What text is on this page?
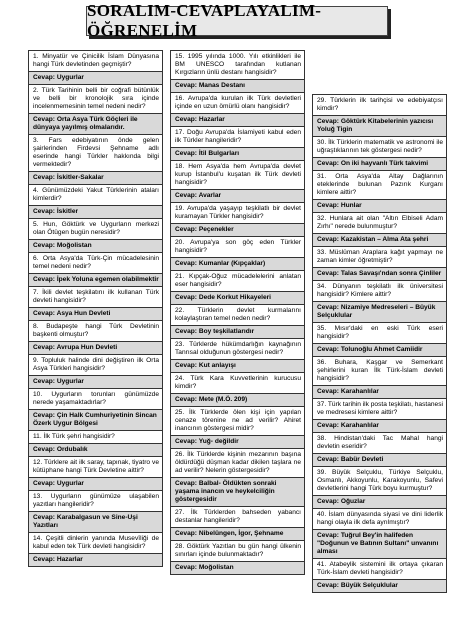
SORALIM-CEVAPLAYALIM-ÖĞRENELİM
1. Minyatür ve Çinicilik İslam Dünyasına hangi Türk devletinden geçmiştir?
Cevap: Uygurlar
2. Türk Tarihinin belli bir coğrafi bütünlük ve belli bir kronolojik sıra içinde incelenmemesinin temel nedeni nedir?
Cevap: Orta Asya Türk Göçleri ile dünyaya yayılmış olmalarıdır.
3. Fars edebiyatının önde gelen şairlerinden Firdevsi Şehname adlı eserinde hangi Türkler hakkında bilgi vermektedir?
Cevap: İskitler-Sakalar
4. Günümüzdeki Yakut Türklerinin ataları kimlerdir?
Cevap: İskitler
5. Hun, Göktürk ve Uygurların merkezi olan Ötügen bugün neresidir?
Cevap: Moğolistan
6. Orta Asya'da Türk-Çin mücadelesinin temel nedeni nedir?
Cevap: İpek Yoluna egemen olabilmektir
7. İkili devlet teşkilatını ilk kullanan Türk devleti hangisidir?
Cevap: Asya Hun Devleti
8. Budapeşte hangi Türk Devletinin başkenti olmuştur?
Cevap: Avrupa Hun Devleti
9. Topluluk halinde dini değiştiren ilk Orta Asya Türkleri hangisidir?
Cevap: Uygurlar
10. Uygurların torunları günümüzde nerede yaşamaktadırlar?
Cevap: Çin Halk Cumhuriyetinin Sincan Özerk Uygur Bölgesi
11. İlk Türk şehri hangisidir?
Cevap: Ordubalık
12. Türklere ait ilk saray, tapınak, tiyatro ve kütüphane hangi Türk Devletine aittir?
Cevap: Uygurlar
13. Uygurların günümüze ulaşabilen yazıtları hangileridir?
Cevap: Karabalgasun ve Sine-Uşi Yazıtları
14. Çeşitli dinlerin yanında Musevîliği de kabul eden tek Türk devleti hangisidir?
Cevap: Hazarlar
15. 1995 yılında 1000. Yılı etkinlikleri ile BM UNESCO tarafından kutlanan Kırgızların ünlü destanı hangisidir?
Cevap: Manas Destanı
16. Avrupa'da kurulan ilk Türk devletleri içinde en uzun ömürlü olanı hangisidir?
Cevap: Hazarlar
17. Doğu Avrupa'da İslamiyeti kabul eden ilk Türkler hangileridir?
Cevap: İtil Bulgarları
18. Hem Asya'da hem Avrupa'da devlet kurup İstanbul'u kuşatan ilk Türk devleti hangisidir?
Cevap: Avarlar
19. Avrupa'da yaşayıp teşkilatlı bir devlet kuramayan Türkler hangisidir?
Cevap: Peçenekler
20. Avrupa'ya son göç eden Türkler hangisidir?
Cevap: Kumanlar (Kıpçaklar)
21. Kıpçak-Oğuz mücadelelerini anlatan eser hangisidir?
Cevap: Dede Korkut Hikayeleri
22. Türklerin devlet kurmalarını kolaylaştıran temel neden nedir?
Cevap: Boy teşkilatlarıdır
23. Türklerde hükümdarlığın kaynağının Tanrısal olduğunun göstergesi nedir?
Cevap: Kut anlayışı
24. Türk Kara Kuvvetlerinin kurucusu kimdir?
Cevap: Mete (M.Ö. 209)
25. İlk Türklerde ölen kişi için yapılan cenaze törenine ne ad verilir? Ahiret inancının göstergesi midir?
Cevap: Yuğ- değildir
26. İlk Türklerde kişinin mezarının başına öldürdüğü düşman kadar dikilen taşlara ne ad verilir? Nelerin göstergesidir?
Cevap: Balbal- Öldükten sonraki yaşama inancın ve heykelciliğin göstergesidir
27. İlk Türklerden bahseden yabancı destanlar hangileridir?
Cevap: Nibelüngen, İgor, Şehname
28. Göktürk Yazıtları bu gün hangi ülkenin sınırları içinde bulunmaktadır?
Cevap: Moğolistan
29. Türklerin ilk tarihçisi ve edebiyatçısı kimdir?
Cevap: Göktürk Kitabelerinin yazıcısı Yoluğ Tigin
30. İlk Türklerin matematik ve astronomi ile uğraştıklarının tek göstergesi nedir?
Cevap: On iki hayvanlı Türk takvimi
31. Orta Asya'da Altay Dağlarının eteklerinde bulunan Pazırık Kurganı kimlere aittir?
Cevap: Hunlar
32. Hunlara ait olan "Altın Elbiseli Adam Zırhı" nerede bulunmuştur?
Cevap: Kazakistan – Alma Ata şehri
33. Müslüman Araplara kağıt yapmayı ne zaman kimler öğretmiştir?
Cevap: Talas Savaşı'ndan sonra Çinliler
34. Dünyanın teşkilatlı ilk üniversitesi hangisidir? Kimlere aittir?
Cevap: Nizamiye Medreseleri – Büyük Selçuklular
35. Mısır'daki en eski Türk eseri hangisidir?
Cevap: Tolunoğlu Ahmet Camiidir
36. Buhara, Kaşgar ve Semerkant şehirlerini kuran İlk Türk-İslam devleti hangisidir?
Cevap: Karahanlılar
37. Türk tarihin ilk posta teşkilatı, hastanesi ve medresesi kimlere aittir?
Cevap: Karahanlılar
38. Hindistan'daki Tac Mahal hangi devletin eseridir?
Cevap: Babür Devleti
39. Büyük Selçuklu, Türkiye Selçuklu, Osmanlı, Akkoyunlu, Karakoyunlu, Safevi devletlerini hangi Türk boyu kurmuştur?
Cevap: Oğuzlar
40. İslam dünyasında siyasi ve dini liderlik hangi olayla ilk defa ayrılmıştır?
Cevap: Tuğrul Bey'in halifeden "Doğunun ve Batının Sultanı" unvanını alması
41. Atabeylik sistemini ilk ortaya çıkaran Türk-İslam devleti hangisidir?
Cevap: Büyük Selçuklular
